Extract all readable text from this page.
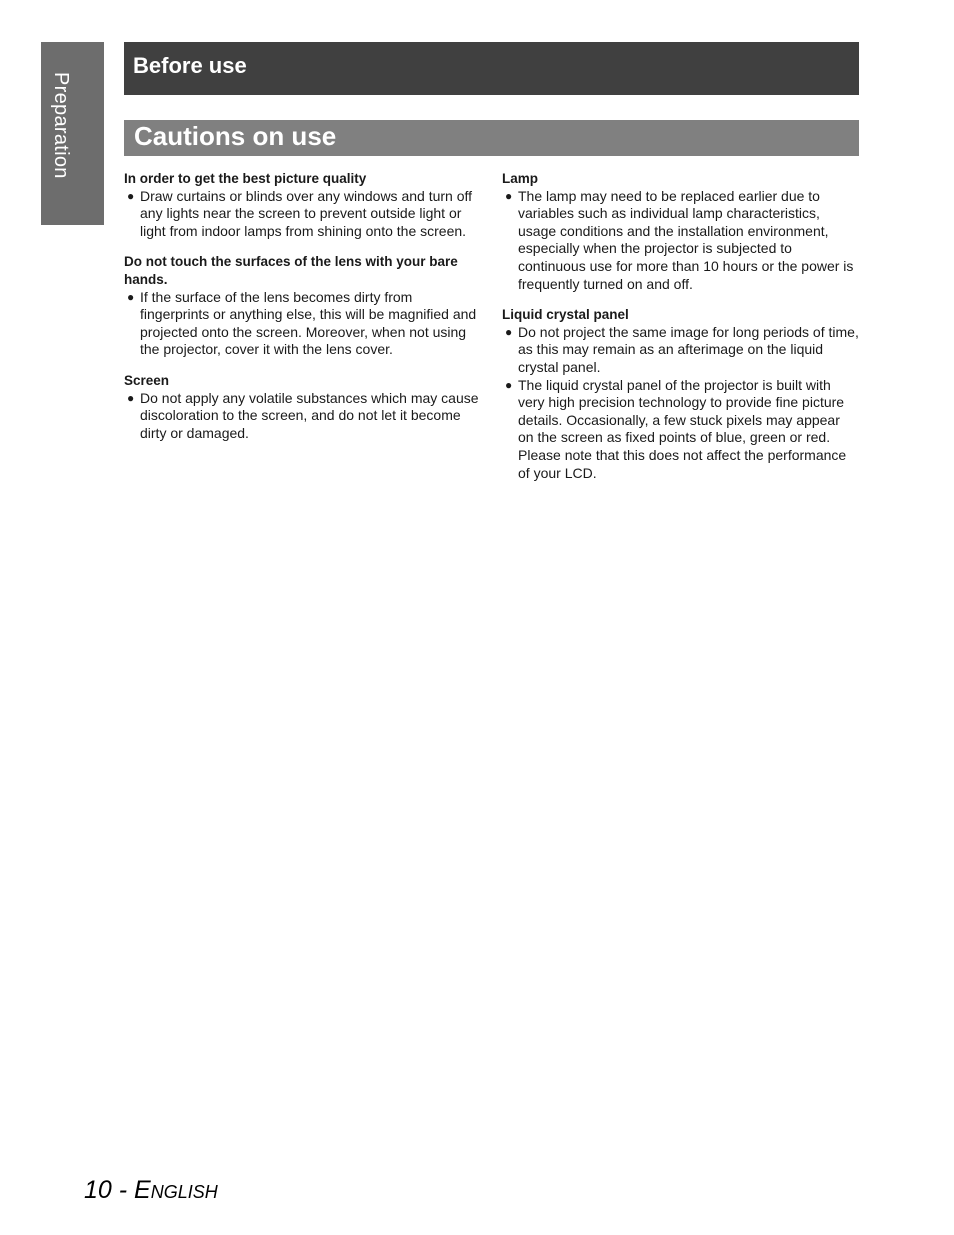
Preparation
Before use
Cautions on use

In order to get the best picture quality

● Draw curtains or blinds over any windows and turn off any lights near the screen to prevent outside light or light from indoor lamps from shining onto the screen.

Do not touch the surfaces of the lens with your bare hands.

● If the surface of the lens becomes dirty from fingerprints or anything else, this will be magnified and projected onto the screen. Moreover, when not using the projector, cover it with the lens cover.

Screen

● Do not apply any volatile substances which may cause discoloration to the screen, and do not let it become dirty or damaged.

Lamp

● The lamp may need to be replaced earlier due to variables such as individual lamp characteristics, usage conditions and the installation environment, especially when the projector is subjected to continuous use for more than 10 hours or the power is frequently turned on and off.

Liquid crystal panel

● Do not project the same image for long periods of time, as this may remain as an afterimage on the liquid crystal panel.

● The liquid crystal panel of the projector is built with very high precision technology to provide fine picture details. Occasionally, a few stuck pixels may appear on the screen as fixed points of blue, green or red. Please note that this does not affect the performance of your LCD.

10 - English
